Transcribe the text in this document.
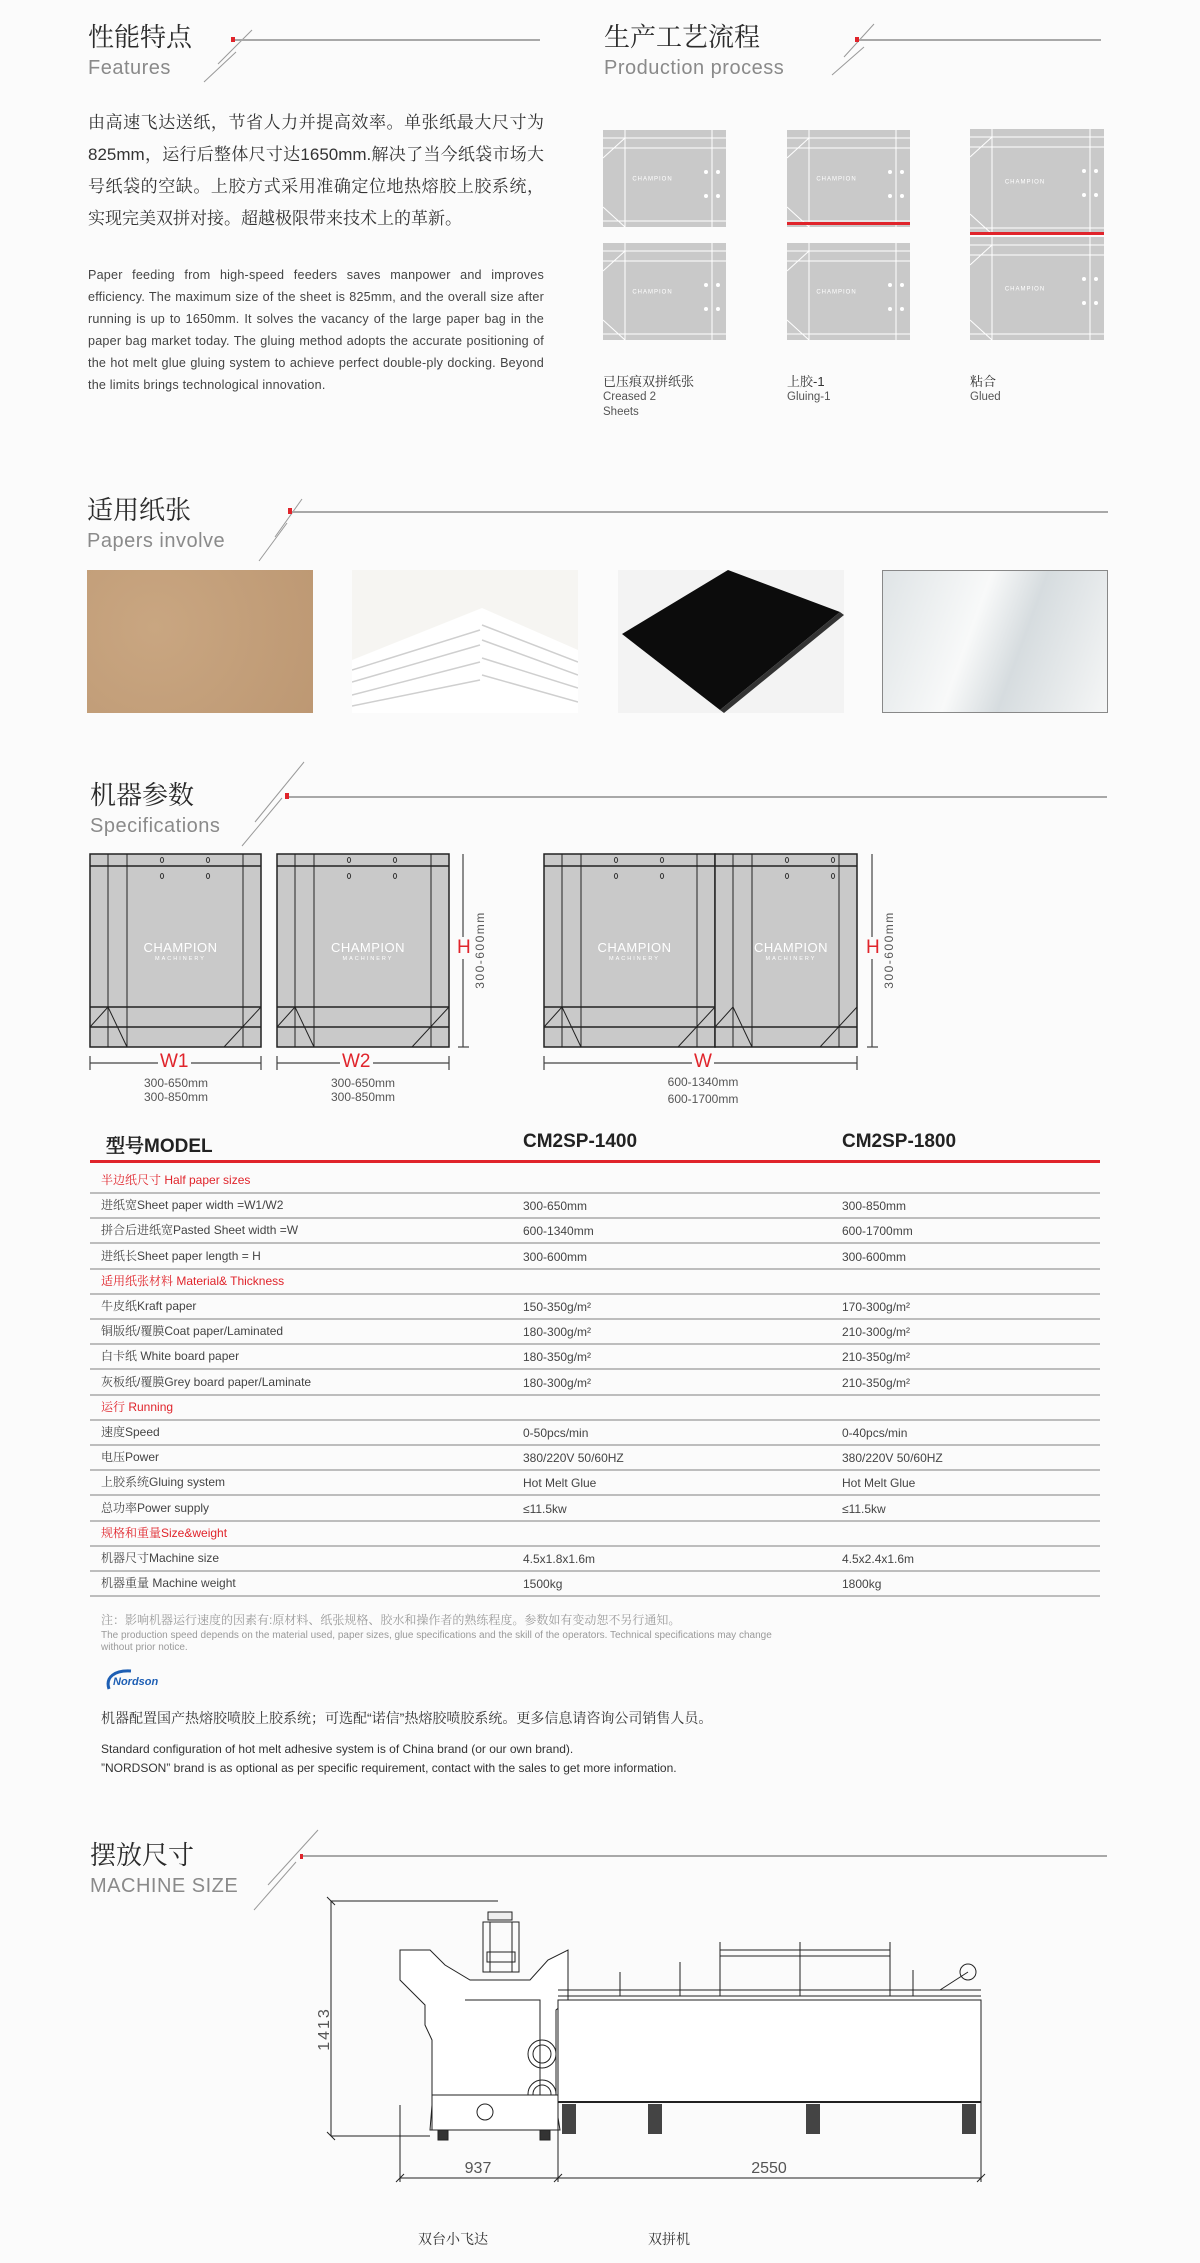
性能特点
Features
由高速飞达送纸，节省人力并提高效率。单张纸最大尺寸为825mm，运行后整体尺寸达1650mm.解决了当今纸袋市场大号纸袋的空缺。上胶方式采用准确定位地热熔胶上胶系统，实现完美双拼对接。超越极限带来技术上的革新。
Paper feeding from high-speed feeders saves manpower and improves efficiency. The maximum size of the sheet is 825mm, and the overall size after running is up to 1650mm. It solves the vacancy of the large paper bag in the paper bag market today. The gluing method adopts the accurate positioning of the hot melt glue gluing system to achieve perfect double-ply docking. Beyond the limits brings technological innovation.
生产工艺流程
Production process
CHAMPION
CHAMPION
CHAMPION
CHAMPION
CHAMPION
CHAMPION
已压痕双拼纸张
Creased 2 Sheets
上胶-1
Gluing-1
粘合
Glued
适用纸张
Papers involve
机器参数
Specifications
CHAMPION
MACHINERY
CHAMPION
MACHINERY
CHAMPION
MACHINERY
CHAMPION
MACHINERY
300-600mm	300-600mm
H	H
W1	W2	W
300-650mm
300-850mm
300-650mm
300-850mm
600-1340mm
600-1700mm
型号MODEL	CM2SP-1400	CM2SP-1800
半边纸尺寸 Half paper sizes
进纸宽Sheet paper width =W1/W2	300-650mm	300-850mm
拼合后进纸宽Pasted Sheet width =W	600-1340mm	600-1700mm
进纸长Sheet paper length = H	300-600mm	300-600mm
适用纸张材料 Material& Thickness
牛皮纸Kraft paper	150-350g/m²	170-300g/m²
铜版纸/覆膜Coat paper/Laminated	180-300g/m²	210-300g/m²
白卡纸 White board paper	180-350g/m²	210-350g/m²
灰板纸/覆膜Grey board paper/Laminate	180-300g/m²	210-350g/m²
运行 Running
速度Speed	0-50pcs/min	0-40pcs/min
电压Power	380/220V 50/60HZ	380/220V 50/60HZ
上胶系统Gluing system	Hot Melt Glue	Hot Melt Glue
总功率Power supply	≤11.5kw	≤11.5kw
规格和重量Size&weight
机器尺寸Machine size	4.5x1.8x1.6m	4.5x2.4x1.6m
机器重量 Machine weight	1500kg	1800kg
注：影响机器运行速度的因素有:原材料、纸张规格、胶水和操作者的熟练程度。参数如有变动恕不另行通知。
The production speed depends on the material used, paper sizes, glue specifications and the skill of the operators. Technical specifications may change
without prior notice.
Nordson
机器配置国产热熔胶喷胶上胶系统；可选配“诺信”热熔胶喷胶系统。更多信息请咨询公司销售人员。
Standard configuration of hot melt adhesive system is of China brand (or our own brand).
”NORDSON” brand is as optional as per specific requirement, contact with the sales to get more information.
摆放尺寸
MACHINE SIZE
1413
937	2550
双台小飞达	双拼机
